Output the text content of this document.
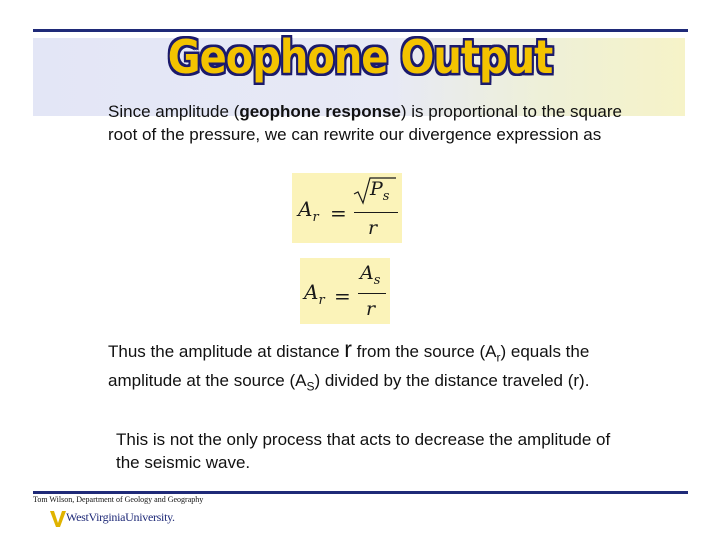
Geophone Output
Since amplitude (geophone response) is proportional to the square root of the pressure, we can rewrite our divergence expression as
$A_r$ =
$P_s$
r
$A_r$ =
$A_s$
r
Thus the amplitude at distance r from the source $(A_r)$ equals the amplitude at the source $(A_S)$ divided by the distance traveled (r).
This is not the only process that acts to decrease the amplitude of the seismic wave.
Tom Wilson, Department of Geology and Geography
WestVirginiaUniversity.
